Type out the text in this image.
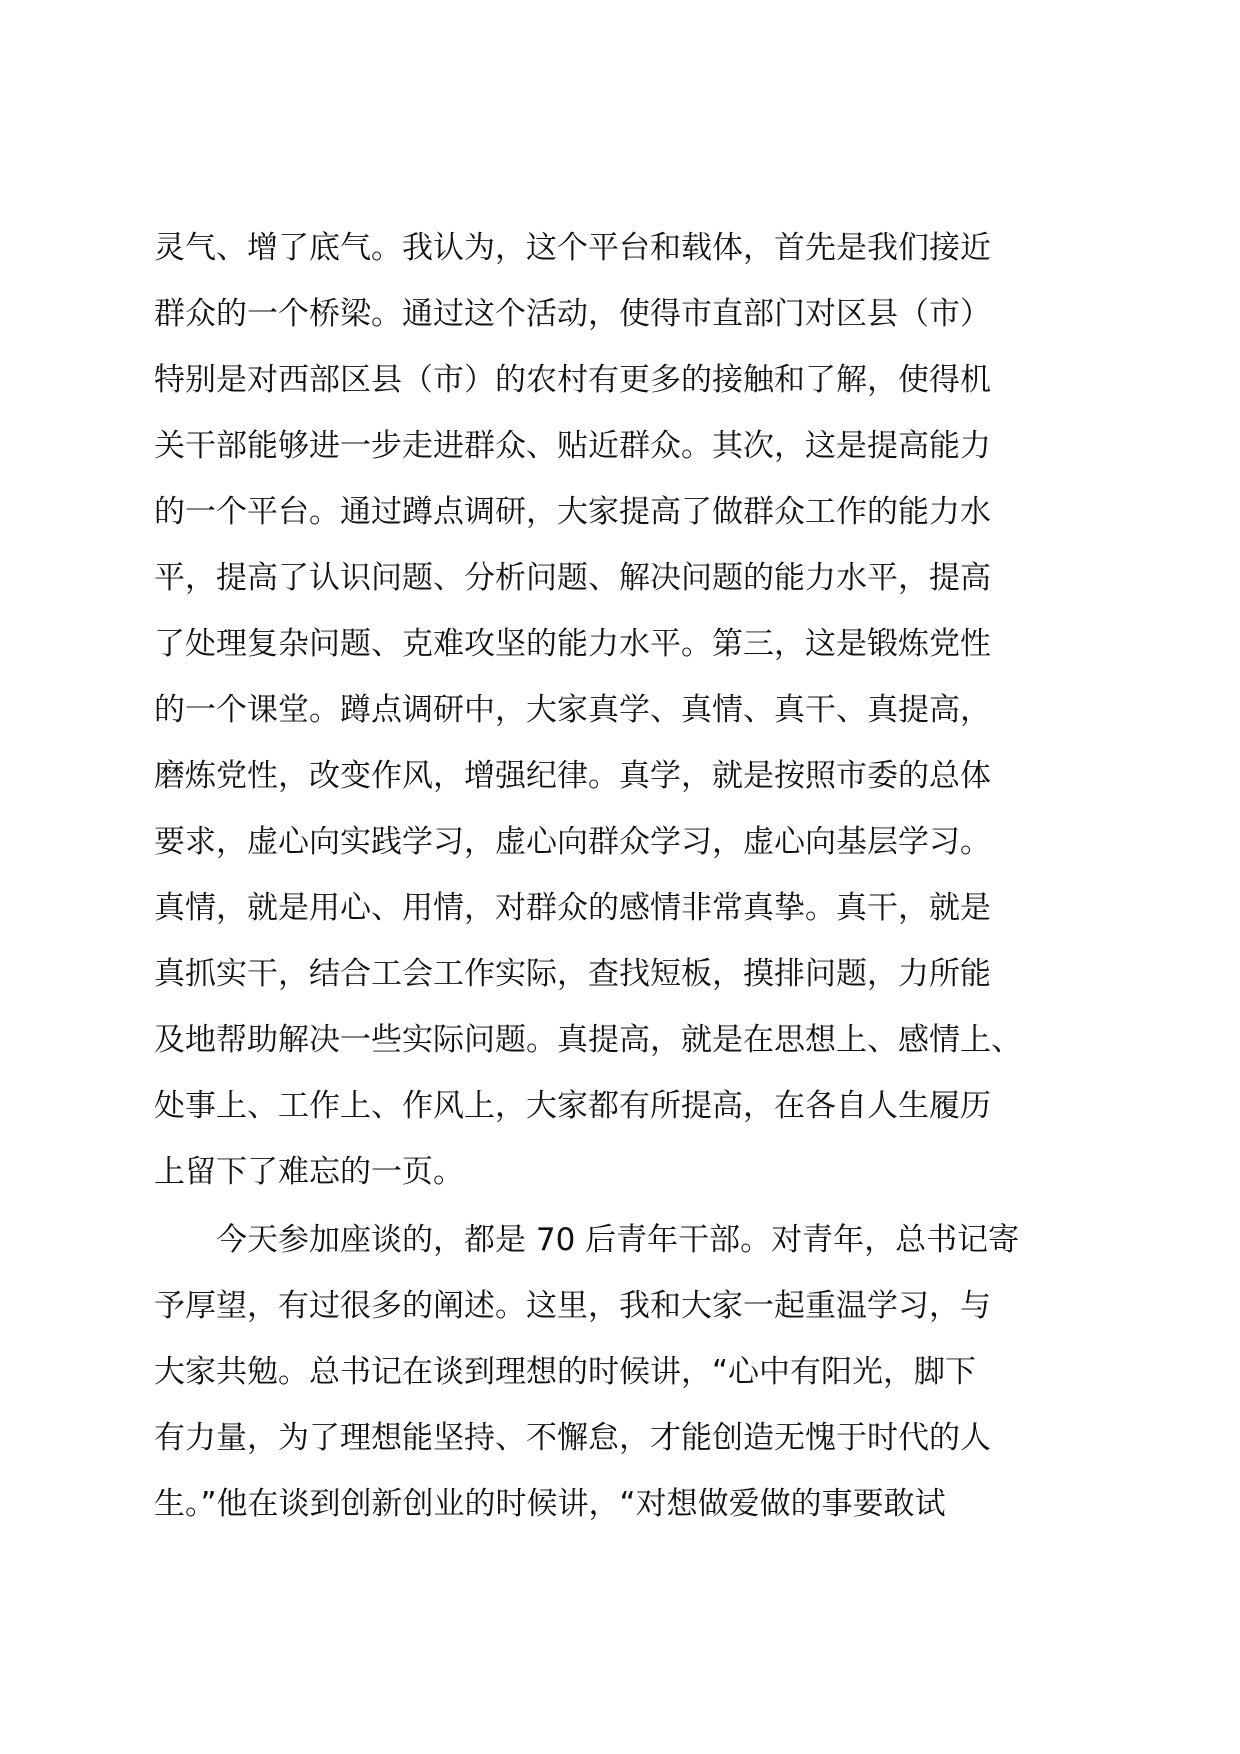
灵气、增了底气。我认为，这个平台和载体，首先是我们接近
群众的一个桥梁。通过这个活动，使得市直部门对区县（市）
特别是对西部区县（市）的农村有更多的接触和了解，使得机
关干部能够进一步走进群众、贴近群众。其次，这是提高能力
的一个平台。通过蹲点调研，大家提高了做群众工作的能力水
平，提高了认识问题、分析问题、解决问题的能力水平，提高
了处理复杂问题、克难攻坚的能力水平。第三，这是锻炼党性
的一个课堂。蹲点调研中，大家真学、真情、真干、真提高，
磨炼党性，改变作风，增强纪律。真学，就是按照市委的总体
要求，虚心向实践学习，虚心向群众学习，虚心向基层学习。
真情，就是用心、用情，对群众的感情非常真挚。真干，就是
真抓实干，结合工会工作实际，查找短板，摸排问题，力所能
及地帮助解决一些实际问题。真提高，就是在思想上、感情上、
处事上、工作上、作风上，大家都有所提高，在各自人生履历
上留下了难忘的一页。
　　今天参加座谈的，都是 70 后青年干部。对青年，总书记寄
予厚望，有过很多的阐述。这里，我和大家一起重温学习，与
大家共勉。总书记在谈到理想的时候讲，“心中有阳光，脚下
有力量，为了理想能坚持、不懈怠，才能创造无愧于时代的人
生。”他在谈到创新创业的时候讲，“对想做爱做的事要敢试
